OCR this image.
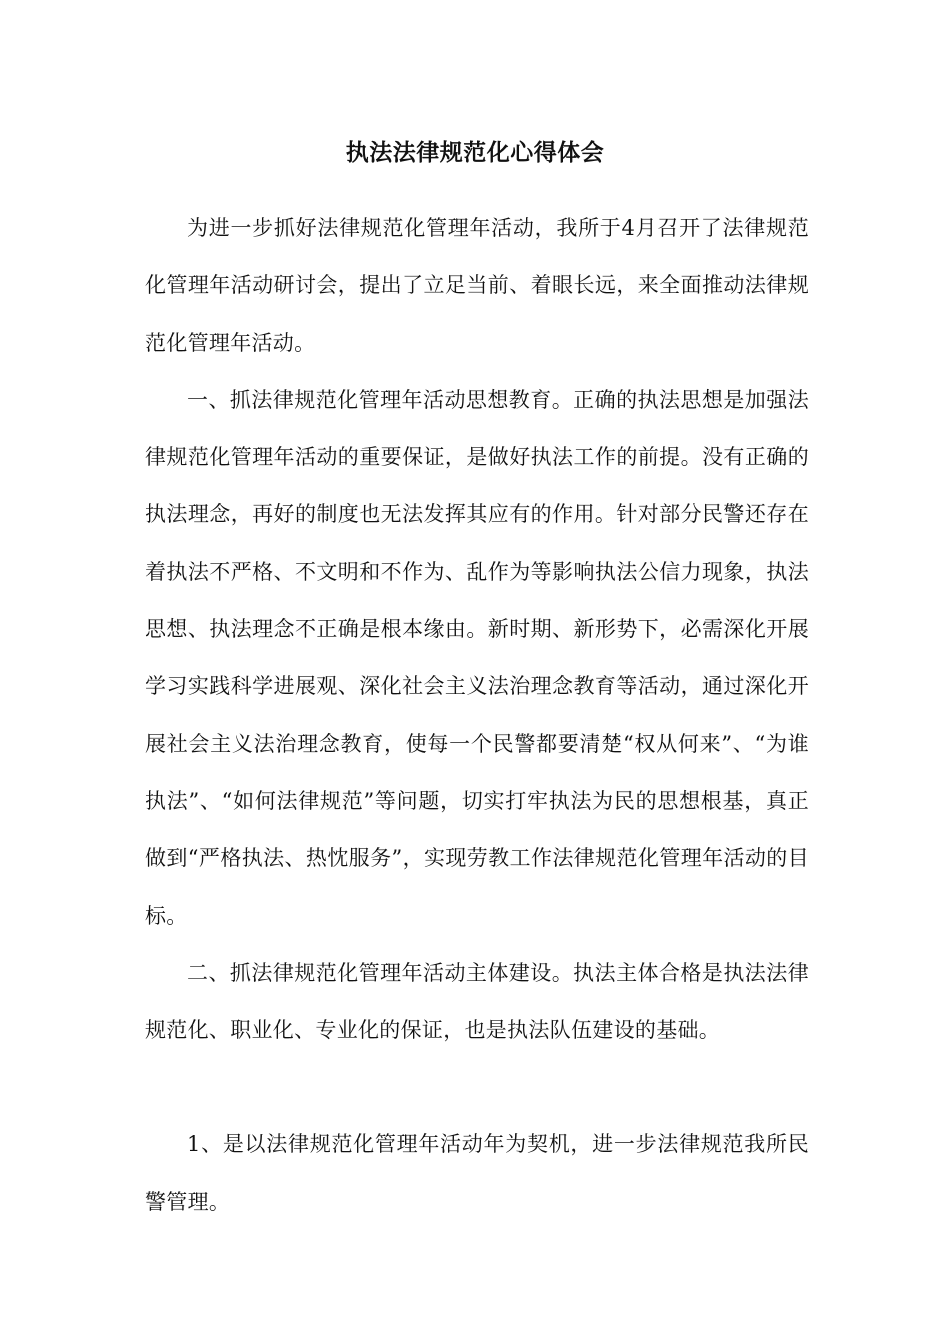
执法法律规范化心得体会

为进一步抓好法律规范化管理年活动，我所于4月召开了法律规范化管理年活动研讨会，提出了立足当前、着眼长远，来全面推动法律规范化管理年活动。

一、抓法律规范化管理年活动思想教育。正确的执法思想是加强法律规范化管理年活动的重要保证，是做好执法工作的前提。没有正确的执法理念，再好的制度也无法发挥其应有的作用。针对部分民警还存在着执法不严格、不文明和不作为、乱作为等影响执法公信力现象，执法思想、执法理念不正确是根本缘由。新时期、新形势下，必需深化开展学习实践科学进展观、深化社会主义法治理念教育等活动，通过深化开展社会主义法治理念教育，使每一个民警都要清楚“权从何来”、“为谁执法”、“如何法律规范”等问题，切实打牢执法为民的思想根基，真正做到“严格执法、热忱服务”，实现劳教工作法律规范化管理年活动的目标。

二、抓法律规范化管理年活动主体建设。执法主体合格是执法法律规范化、职业化、专业化的保证，也是执法队伍建设的基础。

1、是以法律规范化管理年活动年为契机，进一步法律规范我所民警管理。
